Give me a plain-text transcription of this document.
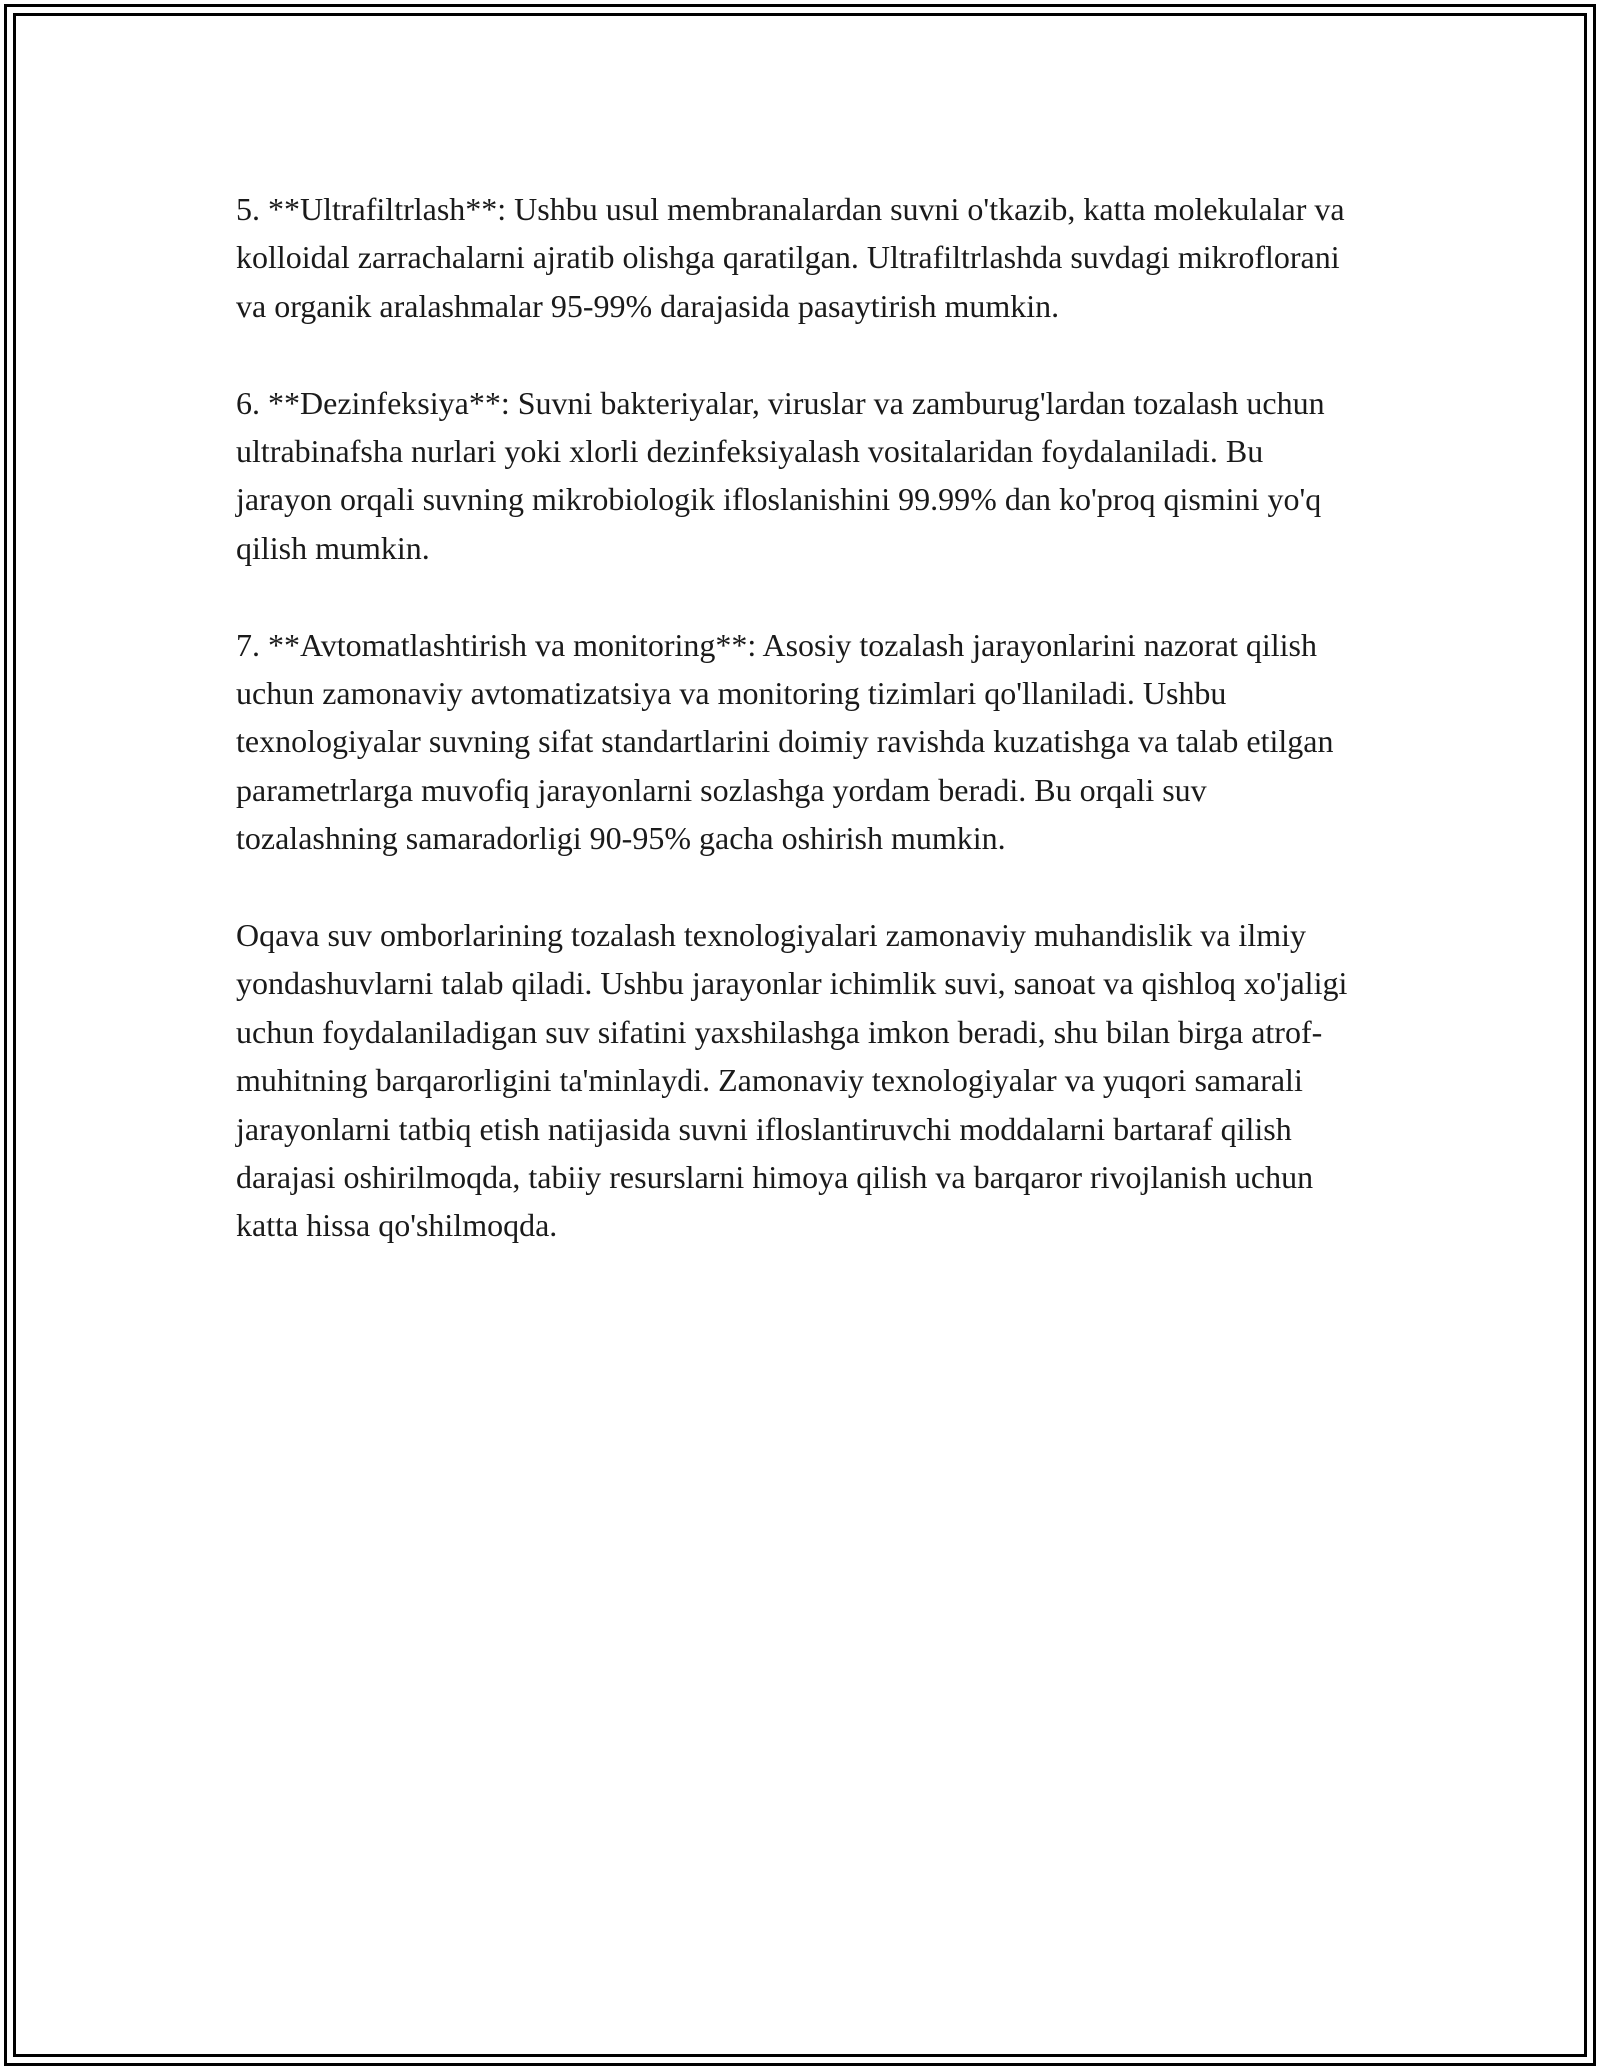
5. **Ultrafiltrlash**: Ushbu usul membranalardan suvni o'tkazib, katta molekulalar va kolloidal zarrachalarni ajratib olishga qaratilgan. Ultrafiltrlashda suvdagi mikroflorani va organik aralashmalar 95-99% darajasida pasaytirish mumkin.

6. **Dezinfeksiya**: Suvni bakteriyalar, viruslar va zamburug'lardan tozalash uchun ultrabinafsha nurlari yoki xlorli dezinfeksiyalash vositalaridan foydalaniladi. Bu jarayon orqali suvning mikrobiologik ifloslanishini 99.99% dan ko'proq qismini yo'q qilish mumkin.

7. **Avtomatlashtirish va monitoring**: Asosiy tozalash jarayonlarini nazorat qilish uchun zamonaviy avtomatizatsiya va monitoring tizimlari qo'llaniladi. Ushbu texnologiyalar suvning sifat standartlarini doimiy ravishda kuzatishga va talab etilgan parametrlarga muvofiq jarayonlarni sozlashga yordam beradi. Bu orqali suv tozalashning samaradorligi 90-95% gacha oshirish mumkin.

Oqava suv omborlarining tozalash texnologiyalari zamonaviy muhandislik va ilmiy yondashuvlarni talab qiladi. Ushbu jarayonlar ichimlik suvi, sanoat va qishloq xo'jaligi uchun foydalaniladigan suv sifatini yaxshilashga imkon beradi, shu bilan birga atrof-muhitning barqarorligini ta'minlaydi. Zamonaviy texnologiyalar va yuqori samarali jarayonlarni tatbiq etish natijasida suvni ifloslantiruvchi moddalarni bartaraf qilish darajasi oshirilmoqda, tabiiy resurslarni himoya qilish va barqaror rivojlanish uchun katta hissa qo'shilmoqda.
